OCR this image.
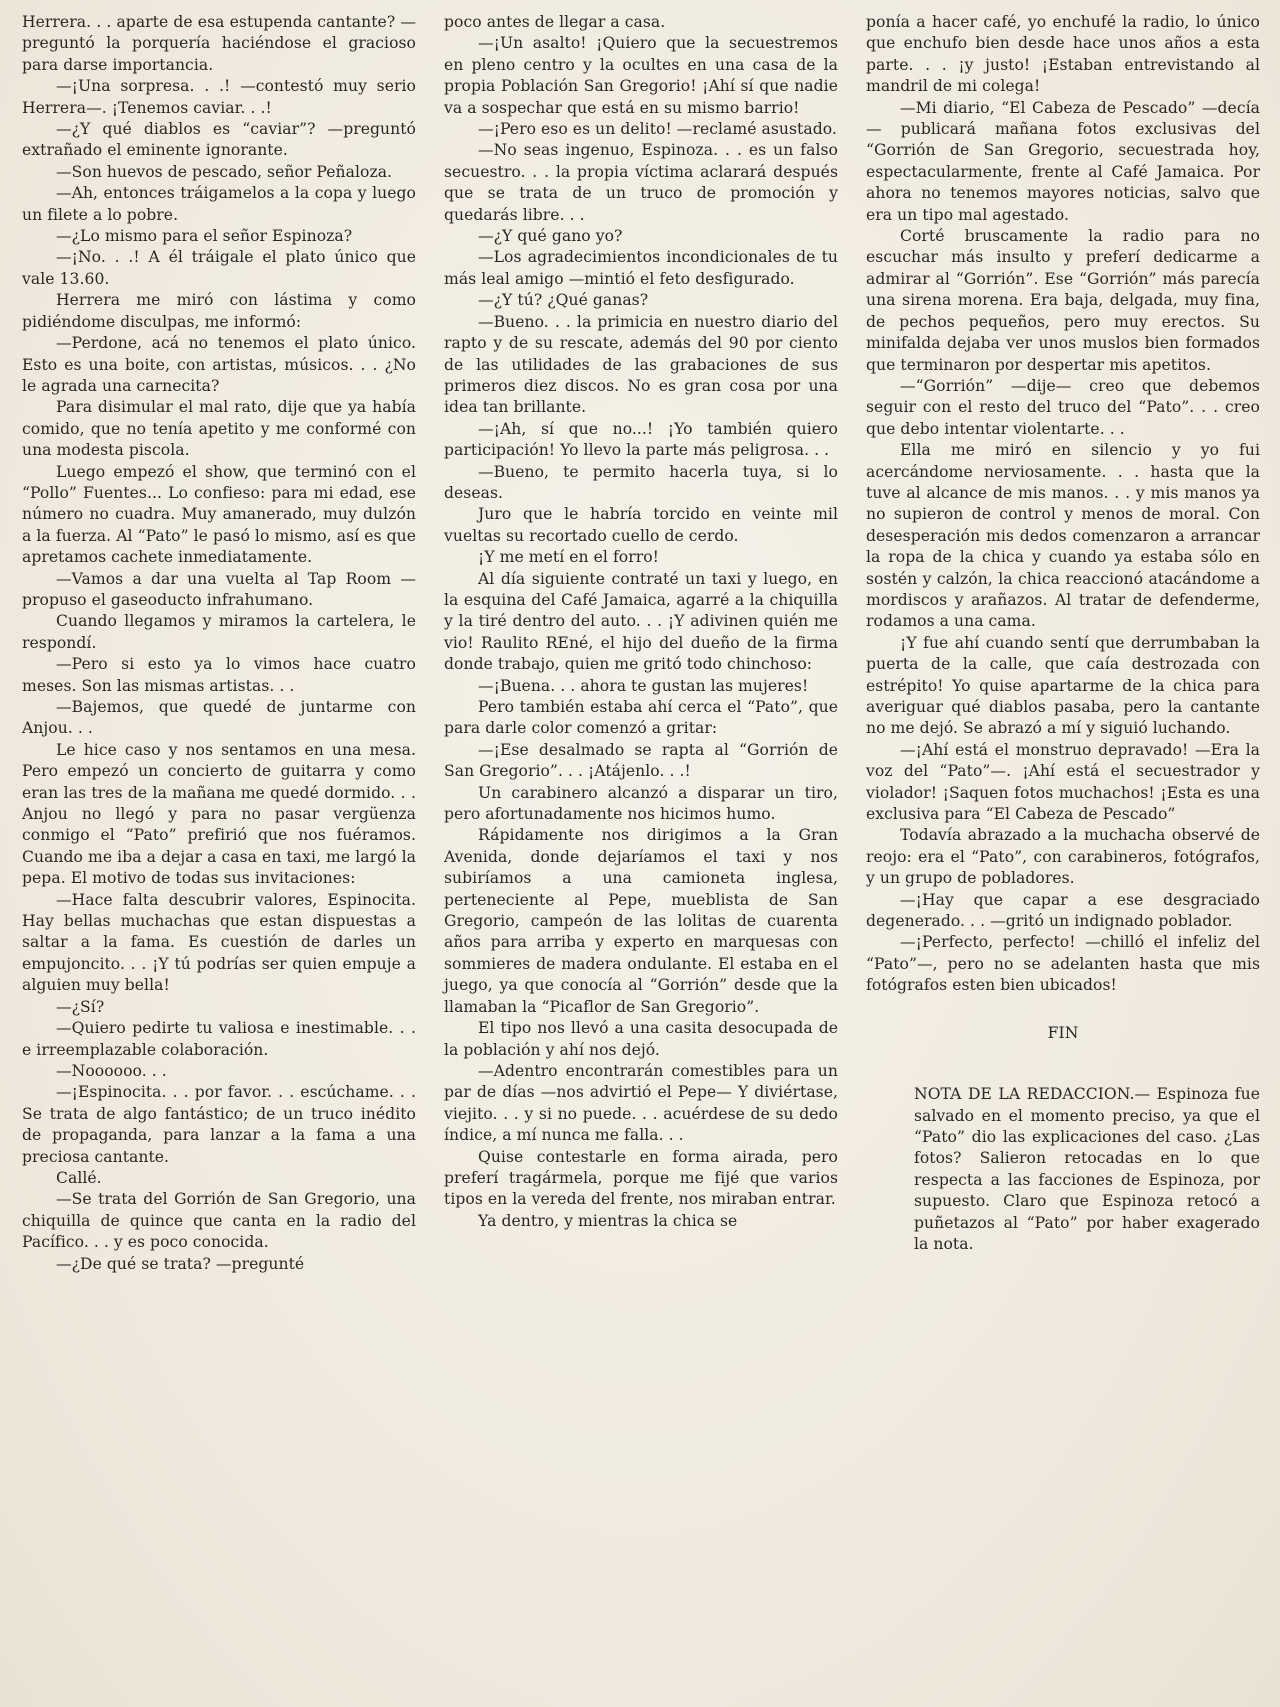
Herrera. . . aparte de esa estupenda cantante? —preguntó la porquería haciéndose el gracioso para darse importancia.

—¡Una sorpresa. . .! —contestó muy serio Herrera—. ¡Tenemos caviar. . .!

—¿Y qué diablos es “caviar”? —preguntó extrañado el eminente ignorante.

—Son huevos de pescado, señor Peñaloza.

—Ah, entonces tráigamelos a la copa y luego un filete a lo pobre.

—¿Lo mismo para el señor Espinoza?

—¡No. . .! A él tráigale el plato único que vale 13.60.

Herrera me miró con lástima y como pidiéndome disculpas, me informó:

—Perdone, acá no tenemos el plato único. Esto es una boite, con artistas, músicos. . . ¿No le agrada una carnecita?

Para disimular el mal rato, dije que ya había comido, que no tenía apetito y me conformé con una modesta piscola.

Luego empezó el show, que terminó con el “Pollo” Fuentes... Lo confieso: para mi edad, ese número no cuadra. Muy amanerado, muy dulzón a la fuerza. Al “Pato” le pasó lo mismo, así es que apretamos cachete inmediatamente.

—Vamos a dar una vuelta al Tap Room —propuso el gaseoducto infrahumano.

Cuando llegamos y miramos la cartelera, le respondí.

—Pero si esto ya lo vimos hace cuatro meses. Son las mismas artistas. . .

—Bajemos, que quedé de juntarme con Anjou. . .

Le hice caso y nos sentamos en una mesa. Pero empezó un concierto de guitarra y como eran las tres de la mañana me quedé dormido. . . Anjou no llegó y para no pasar vergüenza conmigo el “Pato” prefirió que nos fuéramos. Cuando me iba a dejar a casa en taxi, me largó la pepa. El motivo de todas sus invitaciones:

—Hace falta descubrir valores, Espinocita. Hay bellas muchachas que estan dispuestas a saltar a la fama. Es cuestión de darles un empujoncito. . . ¡Y tú podrías ser quien empuje a alguien muy bella!

—¿Sí?

—Quiero pedirte tu valiosa e inestimable. . . e irreemplazable colaboración.

—Noooooo. . .

—¡Espinocita. . . por favor. . . escúchame. . . Se trata de algo fantástico; de un truco inédito de propaganda, para lanzar a la fama a una preciosa cantante.

Callé.

—Se trata del Gorrión de San Gregorio, una chiquilla de quince que canta en la radio del Pacífico. . . y es poco conocida.

—¿De qué se trata? —pregunté

poco antes de llegar a casa.

—¡Un asalto! ¡Quiero que la secuestremos en pleno centro y la ocultes en una casa de la propia Población San Gregorio! ¡Ahí sí que nadie va a sospechar que está en su mismo barrio!

—¡Pero eso es un delito! —reclamé asustado.

—No seas ingenuo, Espinoza. . . es un falso secuestro. . . la propia víctima aclarará después que se trata de un truco de promoción y quedarás libre. . .

—¿Y qué gano yo?

—Los agradecimientos incondicionales de tu más leal amigo —mintió el feto desfigurado.

—¿Y tú? ¿Qué ganas?

—Bueno. . . la primicia en nuestro diario del rapto y de su rescate, además del 90 por ciento de las utilidades de las grabaciones de sus primeros diez discos. No es gran cosa por una idea tan brillante.

—¡Ah, sí que no...! ¡Yo también quiero participación! Yo llevo la parte más peligrosa. . .

—Bueno, te permito hacerla tuya, si lo deseas.

Juro que le habría torcido en veinte mil vueltas su recortado cuello de cerdo.

¡Y me metí en el forro!

Al día siguiente contraté un taxi y luego, en la esquina del Café Jamaica, agarré a la chiquilla y la tiré dentro del auto. . . ¡Y adivinen quién me vio! Raulito REné, el hijo del dueño de la firma donde trabajo, quien me gritó todo chinchoso:

—¡Buena. . . ahora te gustan las mujeres!

Pero también estaba ahí cerca el “Pato”, que para darle color comenzó a gritar:

—¡Ese desalmado se rapta al “Gorrión de San Gregorio”. . . ¡Atájenlo. . .!

Un carabinero alcanzó a disparar un tiro, pero afortunadamente nos hicimos humo.

Rápidamente nos dirigimos a la Gran Avenida, donde dejaríamos el taxi y nos subiríamos a una camioneta inglesa, perteneciente al Pepe, mueblista de San Gregorio, campeón de las lolitas de cuarenta años para arriba y experto en marquesas con sommieres de madera ondulante. El estaba en el juego, ya que conocía al “Gorrión” desde que la llamaban la “Picaflor de San Gregorio”.

El tipo nos llevó a una casita desocupada de la población y ahí nos dejó.

—Adentro encontrarán comestibles para un par de días —nos advirtió el Pepe— Y diviértase, viejito. . . y si no puede. . . acuérdese de su dedo índice, a mí nunca me falla. . .

Quise contestarle en forma airada, pero preferí tragármela, porque me fijé que varios tipos en la vereda del frente, nos miraban entrar.

Ya dentro, y mientras la chica se

ponía a hacer café, yo enchufé la radio, lo único que enchufo bien desde hace unos años a esta parte. . . ¡y justo! ¡Estaban entrevistando al mandril de mi colega!

—Mi diario, “El Cabeza de Pescado” —decía— publicará mañana fotos exclusivas del “Gorrión de San Gregorio, secuestrada hoy, espectacularmente, frente al Café Jamaica. Por ahora no tenemos mayores noticias, salvo que era un tipo mal agestado.

Corté bruscamente la radio para no escuchar más insulto y preferí dedicarme a admirar al “Gorrión”. Ese “Gorrión” más parecía una sirena morena. Era baja, delgada, muy fina, de pechos pequeños, pero muy erectos. Su minifalda dejaba ver unos muslos bien formados que terminaron por despertar mis apetitos.

—“Gorrión” —dije— creo que debemos seguir con el resto del truco del “Pato”. . . creo que debo intentar violentarte. . .

Ella me miró en silencio y yo fui acercándome nerviosamente. . . hasta que la tuve al alcance de mis manos. . . y mis manos ya no supieron de control y menos de moral. Con desesperación mis dedos comenzaron a arrancar la ropa de la chica y cuando ya estaba sólo en sostén y calzón, la chica reaccionó atacándome a mordiscos y arañazos. Al tratar de defenderme, rodamos a una cama.

¡Y fue ahí cuando sentí que derrumbaban la puerta de la calle, que caía destrozada con estrépito! Yo quise apartarme de la chica para averiguar qué diablos pasaba, pero la cantante no me dejó. Se abrazó a mí y siguió luchando.

—¡Ahí está el monstruo depravado! —Era la voz del “Pato”—. ¡Ahí está el secuestrador y violador! ¡Saquen fotos muchachos! ¡Esta es una exclusiva para “El Cabeza de Pescado”

Todavía abrazado a la muchacha observé de reojo: era el “Pato”, con carabineros, fotógrafos, y un grupo de pobladores.

—¡Hay que capar a ese desgraciado degenerado. . . —gritó un indignado poblador.

—¡Perfecto, perfecto! —chilló el infeliz del “Pato”—, pero no se adelanten hasta que mis fotógrafos esten bien ubicados!

FIN

NOTA DE LA REDACCION.— Espinoza fue salvado en el momento preciso, ya que el “Pato” dio las explicaciones del caso. ¿Las fotos? Salieron retocadas en lo que respecta a las facciones de Espinoza, por supuesto. Claro que Espinoza retocó a puñetazos al “Pato” por haber exagerado la nota.
